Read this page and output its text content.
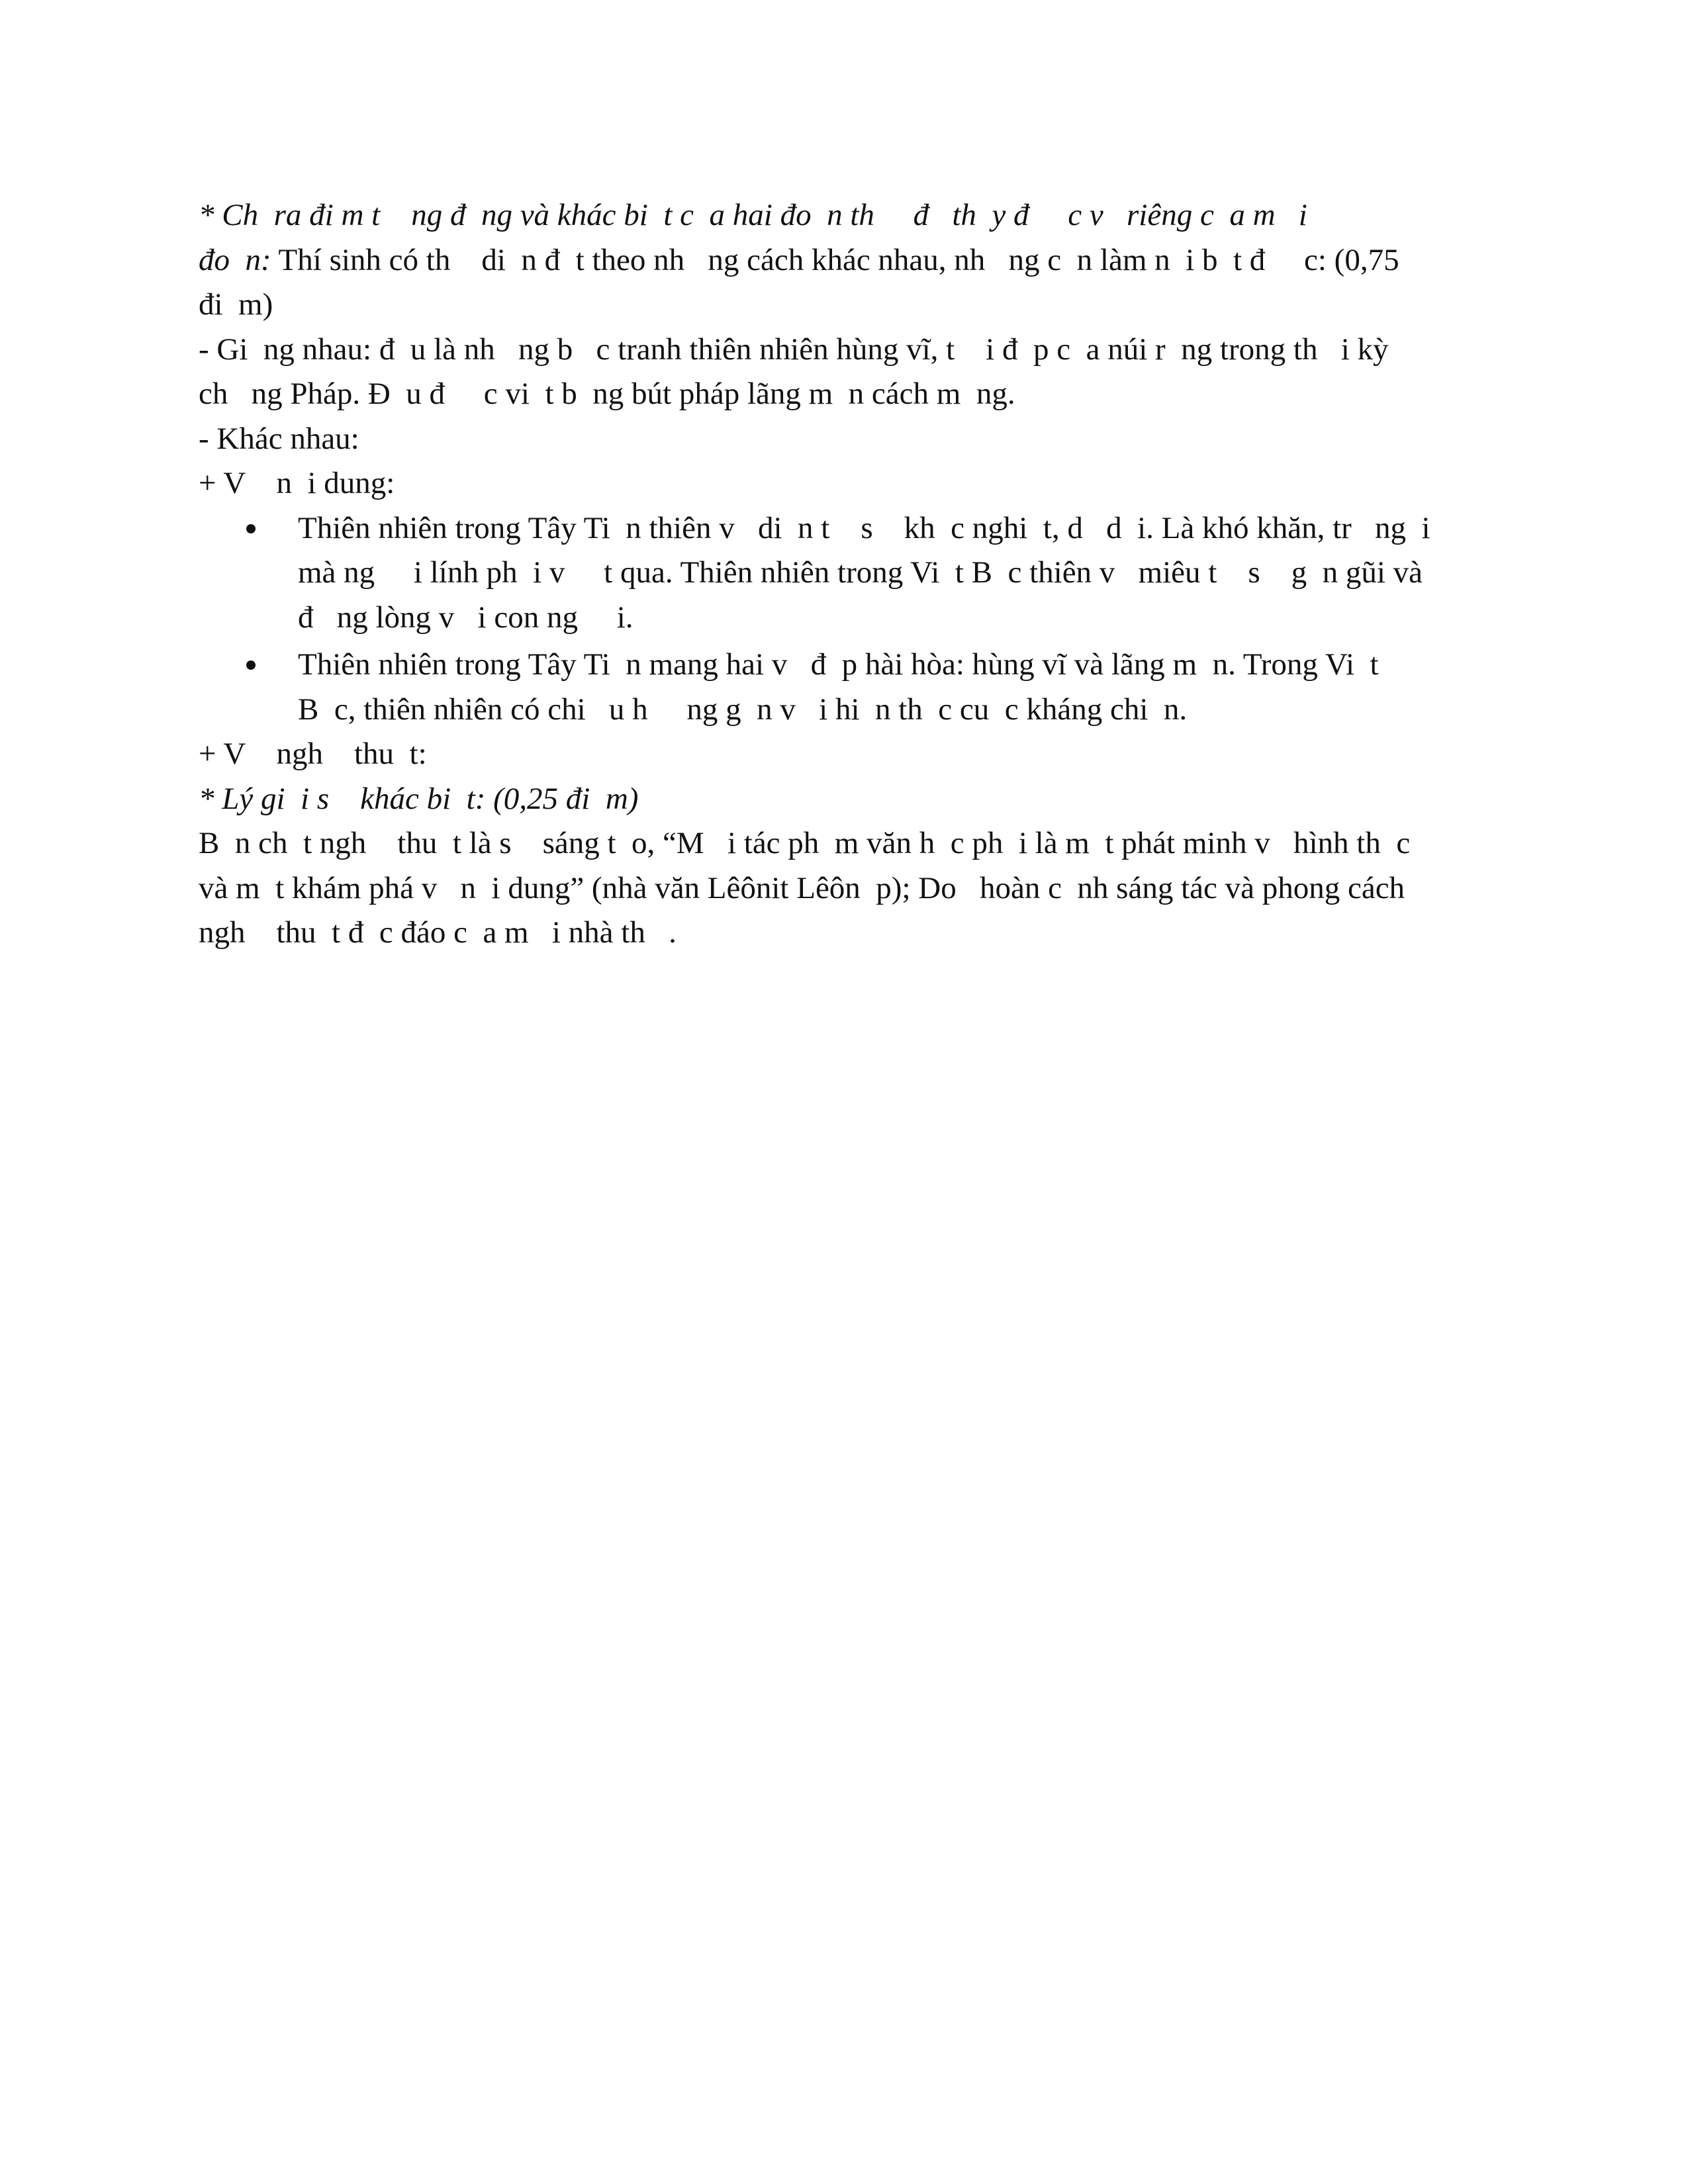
* Ch  ra đi m t    ng đ  ng và khác bi  t c  a hai đo  n th     đ   th  y đ     c v   riêng c  a m   i
đo  n: Thí sinh có th    di  n đ  t theo nh   ng cách khác nhau, nh   ng c  n làm n  i b  t đ     c: (0,75
đi  m)
- Gi  ng nhau: đ  u là nh   ng b   c tranh thiên nhiên hùng vĩ, t    i đ  p c  a núi r  ng trong th   i kỳ
ch   ng Pháp. Đ  u đ     c vi  t b  ng bút pháp lãng m  n cách m  ng.
- Khác nhau:
+ V    n  i dung:
Thiên nhiên trong Tây Ti  n thiên v   di  n t    s    kh  c nghi  t, d   d  i. Là khó khăn, tr   ng  i
mà ng     i lính ph  i v     t qua. Thiên nhiên trong Vi  t B  c thiên v   miêu t    s    g  n gũi và
đ   ng lòng v   i con ng     i.
Thiên nhiên trong Tây Ti  n mang hai v   đ  p hài hòa: hùng vĩ và lãng m  n. Trong Vi  t
B  c, thiên nhiên có chi   u h     ng g  n v   i hi  n th  c cu  c kháng chi  n.
+ V    ngh    thu  t:
* Lý gi  i s    khác bi  t: (0,25 đi  m)
B  n ch  t ngh    thu  t là s    sáng t  o, “M   i tác ph  m văn h  c ph  i là m  t phát minh v   hình th  c
và m  t khám phá v   n  i dung” (nhà văn Lêônit Lêôn  p); Do   hoàn c  nh sáng tác và phong cách
ngh    thu  t đ  c đáo c  a m   i nhà th   .
